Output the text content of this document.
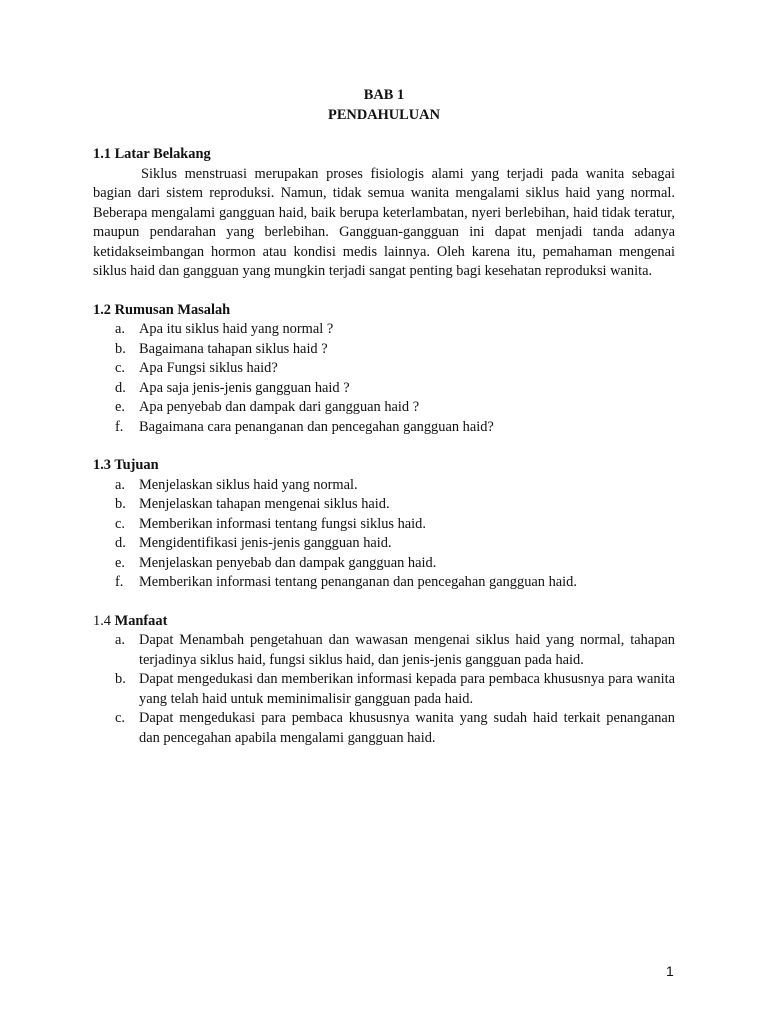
BAB 1
PENDAHULUAN
1.1 Latar Belakang
Siklus menstruasi merupakan proses fisiologis alami yang terjadi pada wanita sebagai bagian dari sistem reproduksi. Namun, tidak semua wanita mengalami siklus haid yang normal. Beberapa mengalami gangguan haid, baik berupa keterlambatan, nyeri berlebihan, haid tidak teratur, maupun pendarahan yang berlebihan. Gangguan-gangguan ini dapat menjadi tanda adanya ketidakseimbangan hormon atau kondisi medis lainnya. Oleh karena itu, pemahaman mengenai siklus haid dan gangguan yang mungkin terjadi sangat penting bagi kesehatan reproduksi wanita.
1.2 Rumusan Masalah
a. Apa itu siklus haid yang normal ?
b. Bagaimana tahapan siklus haid ?
c. Apa Fungsi siklus haid?
d. Apa saja jenis-jenis gangguan haid ?
e. Apa penyebab dan dampak dari gangguan haid ?
f. Bagaimana cara penanganan dan pencegahan gangguan haid?
1.3 Tujuan
a. Menjelaskan siklus haid yang normal.
b. Menjelaskan tahapan mengenai siklus haid.
c. Memberikan informasi tentang fungsi siklus haid.
d. Mengidentifikasi jenis-jenis gangguan haid.
e. Menjelaskan penyebab dan dampak gangguan haid.
f. Memberikan informasi tentang penanganan dan pencegahan gangguan haid.
1.4 Manfaat
a. Dapat Menambah pengetahuan dan wawasan mengenai siklus haid yang normal, tahapan terjadinya siklus haid, fungsi siklus haid, dan jenis-jenis gangguan pada haid.
b. Dapat mengedukasi dan memberikan informasi kepada para pembaca khususnya para wanita yang telah haid untuk meminimalisir gangguan pada haid.
c. Dapat mengedukasi para pembaca khususnya wanita yang sudah haid terkait penanganan dan pencegahan apabila mengalami gangguan haid.
1
